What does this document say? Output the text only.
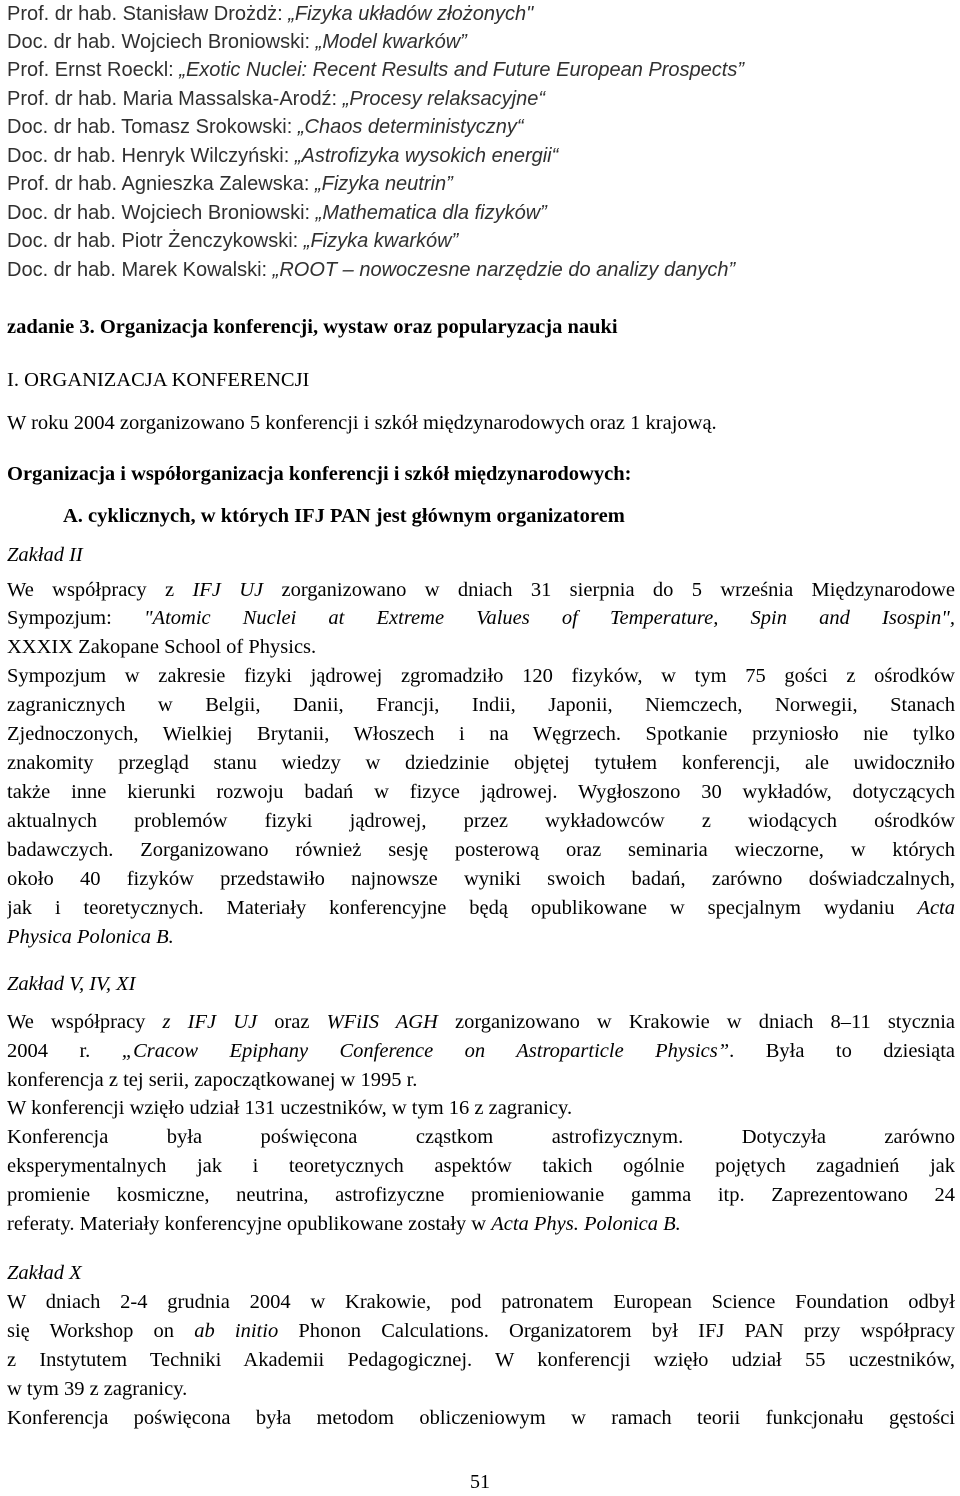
Prof. dr hab. Stanisław Drożdż: „Fizyka układów złożonych"
Doc. dr hab. Wojciech Broniowski: „Model kwarków”
Prof. Ernst Roeckl: „Exotic Nuclei: Recent Results and Future European Prospects”
Prof. dr hab. Maria Massalska-Arodź: „Procesy relaksacyjne“
Doc. dr hab. Tomasz Srokowski: „Chaos deterministyczny“
Doc. dr hab. Henryk Wilczyński: „Astrofizyka wysokich energii“
Prof. dr hab. Agnieszka Zalewska: „Fizyka neutrin”
Doc. dr hab. Wojciech Broniowski: „Mathematica dla fizyków”
Doc. dr hab. Piotr Żenczykowski: „Fizyka kwarków”
Doc. dr hab. Marek Kowalski: „ROOT – nowoczesne narzędzie do analizy danych”
zadanie 3. Organizacja konferencji, wystaw oraz popularyzacja nauki
I. ORGANIZACJA KONFERENCJI
W roku 2004 zorganizowano 5 konferencji i szkół międzynarodowych oraz 1 krajową.
Organizacja i współorganizacja konferencji i szkół międzynarodowych:
A. cyklicznych, w których IFJ PAN jest głównym organizatorem
Zakład II
We współpracy z IFJ UJ zorganizowano w dniach 31 sierpnia do 5 września Międzynarodowe
Sympozjum: "Atomic Nuclei at Extreme Values of Temperature, Spin and Isospin",
XXXIX Zakopane School of Physics.
Sympozjum w zakresie fizyki jądrowej zgromadziło 120 fizyków, w tym 75 gości z ośrodków
zagranicznych w Belgii, Danii, Francji, Indii, Japonii, Niemczech, Norwegii, Stanach
Zjednoczonych, Wielkiej Brytanii, Włoszech i na Węgrzech. Spotkanie przyniosło nie tylko
znakomity przegląd stanu wiedzy w dziedzinie objętej tytułem konferencji, ale uwidoczniło
także inne kierunki rozwoju badań w fizyce jądrowej. Wygłoszono 30 wykładów, dotyczących
aktualnych problemów fizyki jądrowej, przez wykładowców z wiodących ośrodków
badawczych. Zorganizowano również sesję posterową oraz seminaria wieczorne, w których
około 40 fizyków przedstawiło najnowsze wyniki swoich badań, zarówno doświadczalnych,
jak i teoretycznych. Materiały konferencyjne będą opublikowane w specjalnym wydaniu Acta
Physica Polonica B.
Zakład V, IV, XI
We współpracy z IFJ UJ oraz WFiIS AGH zorganizowano w Krakowie w dniach 8–11 stycznia
2004 r. „Cracow Epiphany Conference on Astroparticle Physics”. Była to dziesiąta
konferencja z tej serii, zapoczątkowanej w 1995 r.
W konferencji wzięło udział 131 uczestników, w tym 16 z zagranicy.
Konferencja była poświęcona cząstkom astrofizycznym. Dotyczyła zarówno
eksperymentalnych jak i teoretycznych aspektów takich ogólnie pojętych zagadnień jak
promienie kosmiczne, neutrina, astrofizyczne promieniowanie gamma itp. Zaprezentowano 24
referaty. Materiały konferencyjne opublikowane zostały w Acta Phys. Polonica B.
Zakład X
W dniach 2-4 grudnia 2004 w Krakowie, pod patronatem European Science Foundation odbył
się Workshop on ab initio Phonon Calculations. Organizatorem był IFJ PAN przy współpracy
z Instytutem Techniki Akademii Pedagogicznej. W konferencji wzięło udział 55 uczestników,
w tym 39 z zagranicy.
Konferencja poświęcona była metodom obliczeniowym w ramach teorii funkcjonału gęstości
51
